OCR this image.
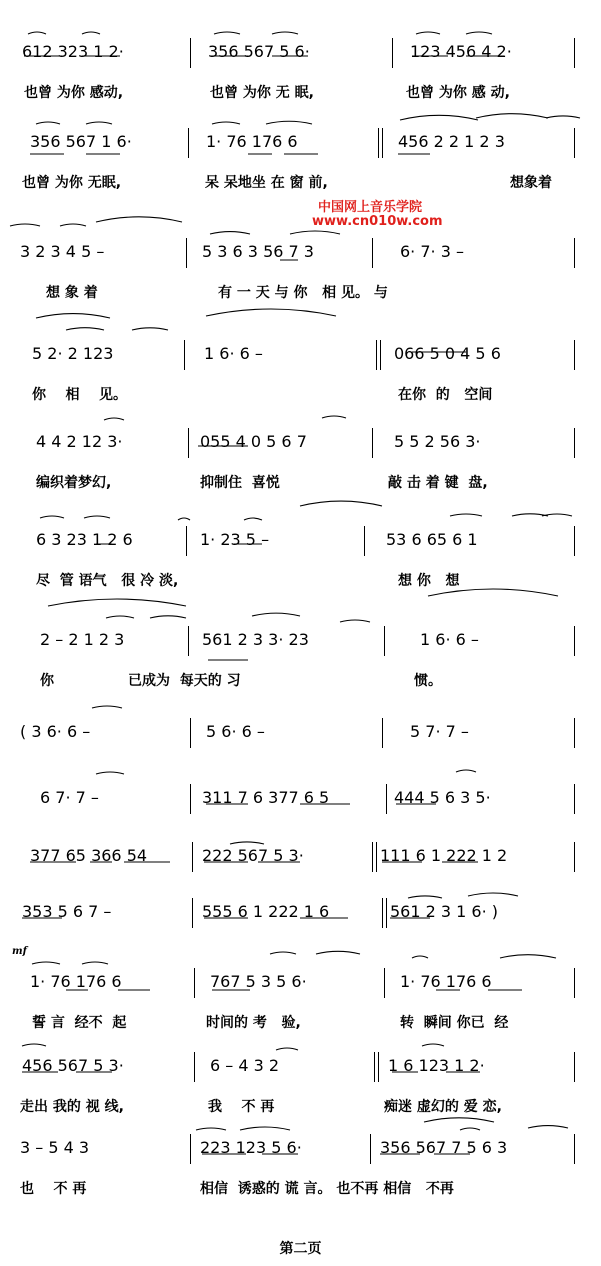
612 323 1 2·	356 567 5 6·	123 456 4 2·
也曾 为你 感动,	也曾 为你 无 眠,	也曾 为你 感 动,
356 567 1 6·	1· 76 176 6	456 2 2 1 2 3
也曾 为你 无眠,	呆 呆地坐 在 窗 前,	想象着
3 2 3 4 5 –	5 3 6 3 56 7 3	6· 7· 3 –
想 象 着	有 一 天 与 你   相 见。 与
5 2· 2 123	1 6· 6 –	066 5 0 4 5 6
你    相    见。	在你  的   空间
4 4 2 12 3·	055 4 0 5 6 7	5 5 2 56 3·
编织着梦幻,	抑制住  喜悦	敲 击 着 键  盘,
6 3 23 1 2 6	1· 23 5 –	53 6 65 6 1
尽  管 语气   很 冷 淡,	想 你   想
2 – 2 1 2 3	561 2 3 3· 23	1 6· 6 –
你	已成为  每天的 习	惯。
( 3 6· 6 –	5 6· 6 –	5 7· 7 –
6 7· 7 –	311 7 6 377 6 5	444 5 6 3 5·
377 65 366 54	222 567 5 3·	111 6 1 222 1 2
353 5 6 7 –	555 6 1 222 1 6	561 2 3 1 6· )
1· 76 176 6	767 5 3 5 6·	1· 76 176 6
誓 言  经不  起	时间的 考   验,	转  瞬间 你已  经
456 567 5 3·	6 – 4 3 2	1 6 123 1 2·
走出 我的 视 线,	我    不 再	痴迷 虚幻的 爱 恋,
3 – 5 4 3	223 123 5 6·	356 567 7 5 6 3
也    不 再	相信  诱惑的 谎 言。 也不再 相信   不再
中国网上音乐学院
www.cn010w.com
mf
第二页
